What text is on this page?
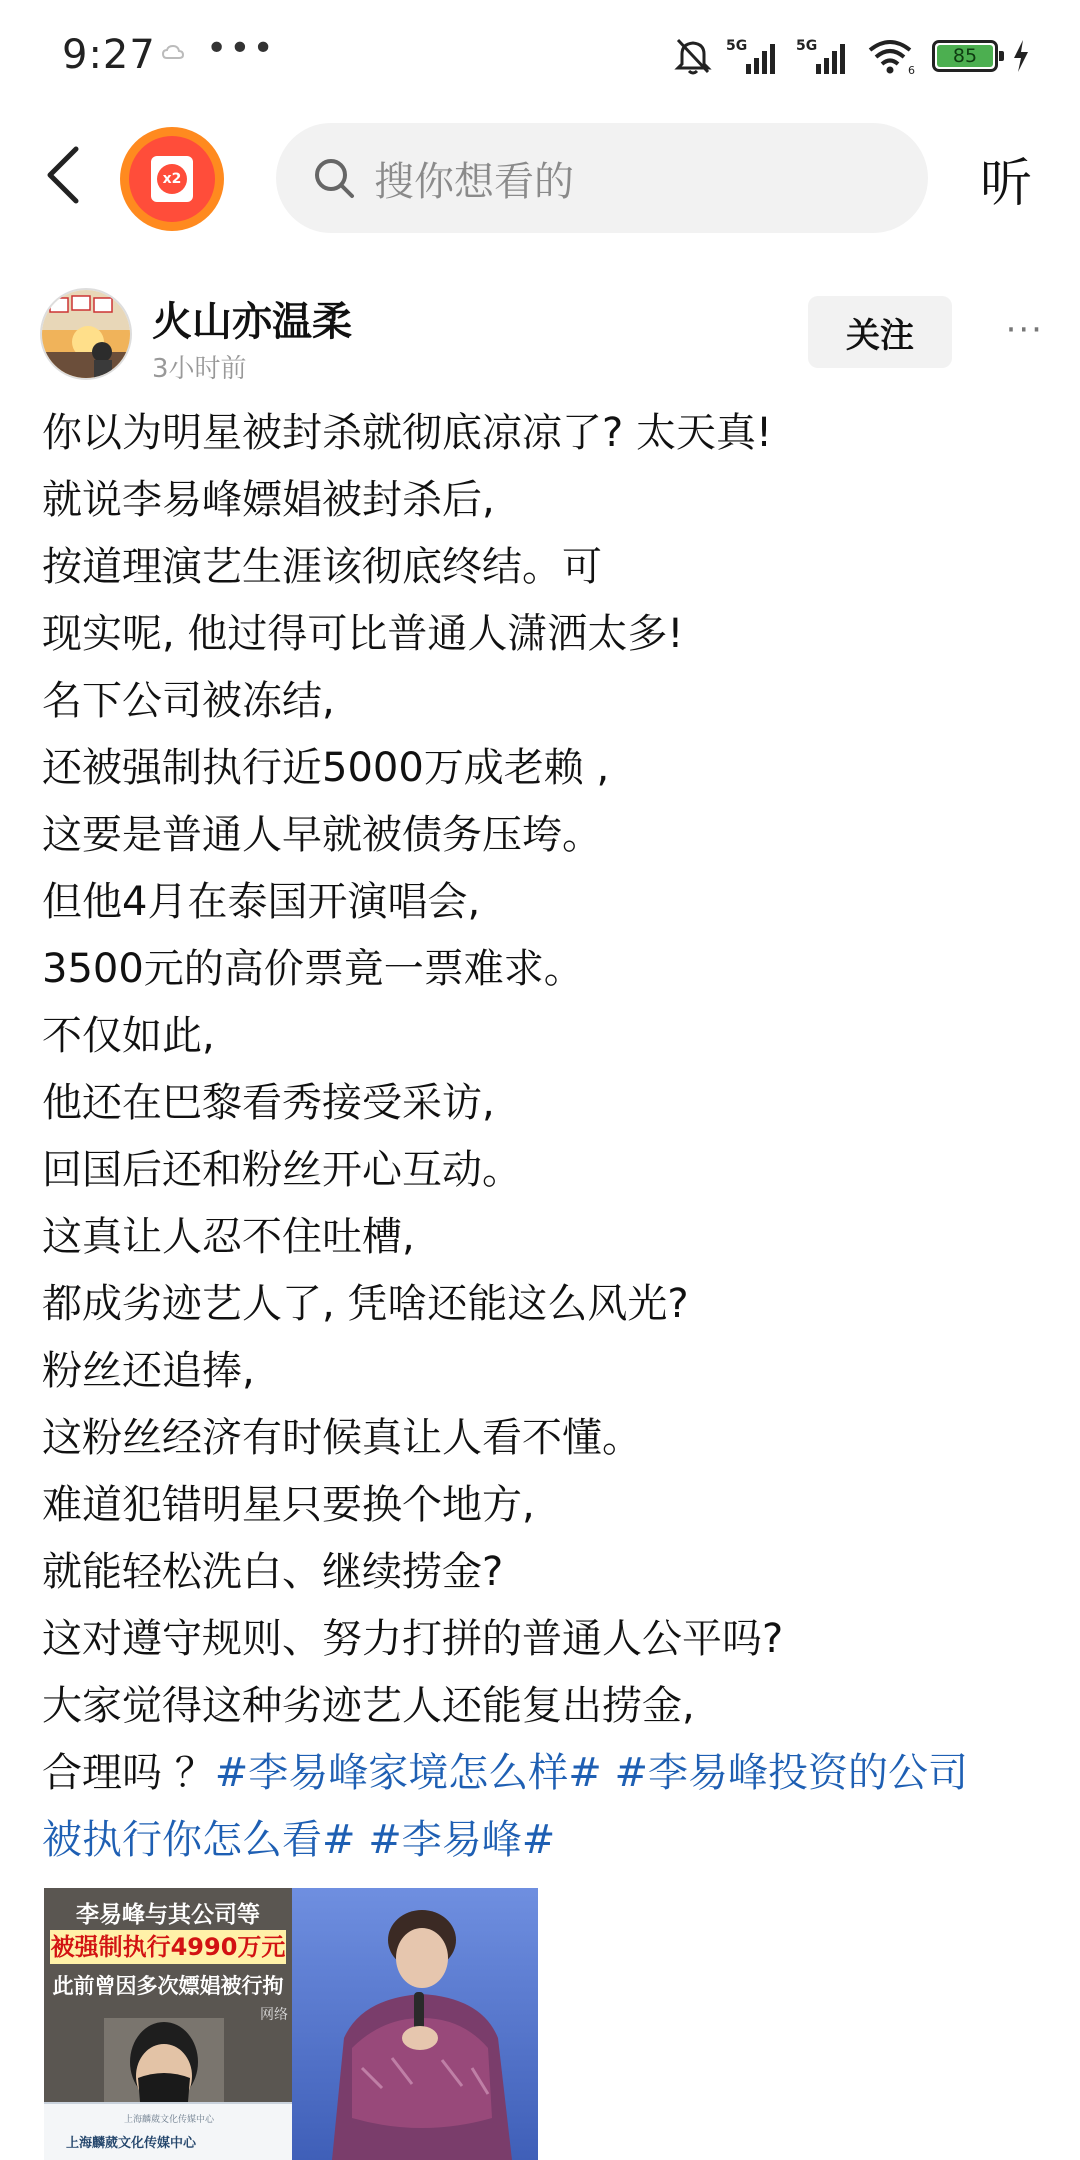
9:27 •••	5G	5G
6
85
x2	搜你想看的	听
火山亦温柔
3小时前
关注	···
你以为明星被封杀就彻底凉凉了? 太天真!
就说李易峰嫖娼被封杀后,
按道理演艺生涯该彻底终结。可
现实呢, 他过得可比普通人潇洒太多!
名下公司被冻结,
还被强制执行近5000万成老赖 ,
这要是普通人早就被债务压垮。
但他4月在泰国开演唱会,
3500元的高价票竟一票难求。
不仅如此,
他还在巴黎看秀接受采访,
回国后还和粉丝开心互动。
这真让人忍不住吐槽,
都成劣迹艺人了, 凭啥还能这么风光?
粉丝还追捧,
这粉丝经济有时候真让人看不懂。
难道犯错明星只要换个地方,
就能轻松洗白、继续捞金?
这对遵守规则、努力打拼的普通人公平吗?
大家觉得这种劣迹艺人还能复出捞金,
合理吗 ？#李易峰家境怎么样# #李易峰投资的公司
被执行你怎么看# #李易峰#
李易峰与其公司等
被强制执行4990万元
此前曾因多次嫖娼被行拘
网络
上海麟葳文化传媒中心
上海麟葳文化传媒中心
